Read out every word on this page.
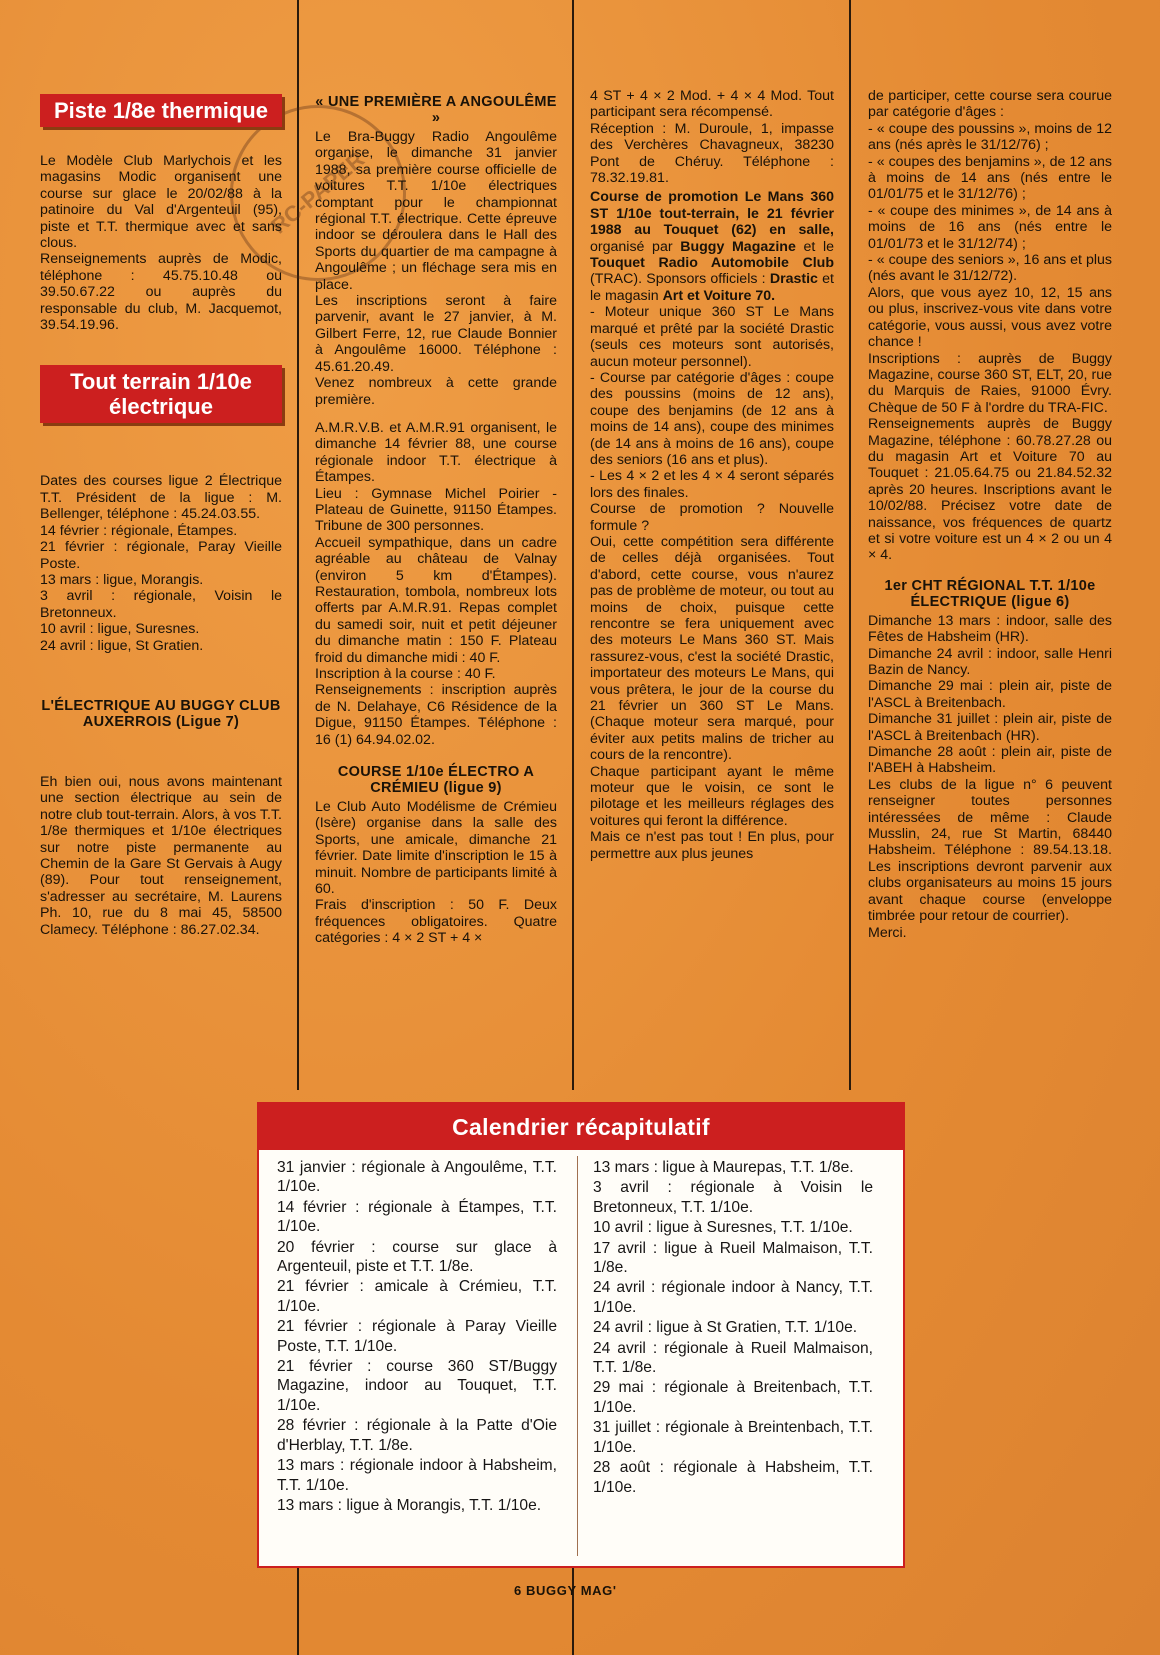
RC-PAPER
Piste 1/8e thermique

Le Modèle Club Marlychois et les magasins Modic organisent une course sur glace le 20/02/88 à la patinoire du Val d'Argenteuil (95), piste et T.T. thermique avec et sans clous.

Renseignements auprès de Modic, téléphone : 45.75.10.48 ou 39.50.67.22 ou auprès du responsable du club, M. Jacquemot, 39.54.19.96.

Tout terrain 1/10e électrique

Dates des courses ligue 2 Électrique T.T. Président de la ligue : M. Bellenger, téléphone : 45.24.03.55.

14 février : régionale, Étampes.

21 février : régionale, Paray Vieille Poste.

13 mars : ligue, Morangis.

3 avril : régionale, Voisin le Bretonneux.

10 avril : ligue, Suresnes.

24 avril : ligue, St Gratien.

L'ÉLECTRIQUE AU BUGGY CLUB AUXERROIS (Ligue 7)

Eh bien oui, nous avons maintenant une section électrique au sein de notre club tout-terrain. Alors, à vos T.T. 1/8e thermiques et 1/10e électriques sur notre piste permanente au Chemin de la Gare St Gervais à Augy (89). Pour tout renseignement, s'adresser au secrétaire, M. Laurens Ph. 10, rue du 8 mai 45, 58500 Clamecy. Téléphone : 86.27.02.34.

« UNE PREMIÈRE A ANGOULÊME »

Le Bra-Buggy Radio Angoulême organise, le dimanche 31 janvier 1988, sa première course officielle de voitures T.T. 1/10e électriques comptant pour le championnat régional T.T. électrique. Cette épreuve indoor se déroulera dans le Hall des Sports du quartier de ma campagne à Angoulême ; un fléchage sera mis en place.

Les inscriptions seront à faire parvenir, avant le 27 janvier, à M. Gilbert Ferre, 12, rue Claude Bonnier à Angoulême 16000. Téléphone : 45.61.20.49.

Venez nombreux à cette grande première.

A.M.R.V.B. et A.M.R.91 organisent, le dimanche 14 février 88, une course régionale indoor T.T. électrique à Étampes.

Lieu : Gymnase Michel Poirier - Plateau de Guinette, 91150 Étampes. Tribune de 300 personnes.

Accueil sympathique, dans un cadre agréable au château de Valnay (environ 5 km d'Étampes). Restauration, tombola, nombreux lots offerts par A.M.R.91. Repas complet du samedi soir, nuit et petit déjeuner du dimanche matin : 150 F. Plateau froid du dimanche midi : 40 F.

Inscription à la course : 40 F.

Renseignements : inscription auprès de N. Delahaye, C6 Résidence de la Digue, 91150 Étampes. Téléphone : 16 (1) 64.94.02.02.

COURSE 1/10e ÉLECTRO A CRÉMIEU (ligue 9)

Le Club Auto Modélisme de Crémieu (Isère) organise dans la salle des Sports, une amicale, dimanche 21 février. Date limite d'inscription le 15 à minuit. Nombre de participants limité à 60.

Frais d'inscription : 50 F. Deux fréquences obligatoires. Quatre catégories : 4 × 2 ST + 4 ×

4 ST + 4 × 2 Mod. + 4 × 4 Mod. Tout participant sera récompensé.

Réception : M. Duroule, 1, impasse des Verchères Chavagneux, 38230 Pont de Chéruy. Téléphone : 78.32.19.81.

Course de promotion Le Mans 360 ST 1/10e tout-terrain, le 21 février 1988 au Touquet (62) en salle, organisé par Buggy Magazine et le Touquet Radio Automobile Club (TRAC). Sponsors officiels : Drastic et le magasin Art et Voiture 70.

- Moteur unique 360 ST Le Mans marqué et prêté par la société Drastic (seuls ces moteurs sont autorisés, aucun moteur personnel).

- Course par catégorie d'âges : coupe des poussins (moins de 12 ans), coupe des benjamins (de 12 ans à moins de 14 ans), coupe des minimes (de 14 ans à moins de 16 ans), coupe des seniors (16 ans et plus).

- Les 4 × 2 et les 4 × 4 seront séparés lors des finales.

Course de promotion ? Nouvelle formule ?

Oui, cette compétition sera différente de celles déjà organisées. Tout d'abord, cette course, vous n'aurez pas de problème de moteur, ou tout au moins de choix, puisque cette rencontre se fera uniquement avec des moteurs Le Mans 360 ST. Mais rassurez-vous, c'est la société Drastic, importateur des moteurs Le Mans, qui vous prêtera, le jour de la course du 21 février un 360 ST Le Mans. (Chaque moteur sera marqué, pour éviter aux petits malins de tricher au cours de la rencontre).

Chaque participant ayant le même moteur que le voisin, ce sont le pilotage et les meilleurs réglages des voitures qui feront la différence.

Mais ce n'est pas tout ! En plus, pour permettre aux plus jeunes

de participer, cette course sera courue par catégorie d'âges :

- « coupe des poussins », moins de 12 ans (nés après le 31/12/76) ;

- « coupes des benjamins », de 12 ans à moins de 14 ans (nés entre le 01/01/75 et le 31/12/76) ;

- « coupe des minimes », de 14 ans à moins de 16 ans (nés entre le 01/01/73 et le 31/12/74) ;

- « coupe des seniors », 16 ans et plus (nés avant le 31/12/72).

Alors, que vous ayez 10, 12, 15 ans ou plus, inscrivez-vous vite dans votre catégorie, vous aussi, vous avez votre chance !

Inscriptions : auprès de Buggy Magazine, course 360 ST, ELT, 20, rue du Marquis de Raies, 91000 Évry. Chèque de 50 F à l'ordre du TRA-FIC.

Renseignements auprès de Buggy Magazine, téléphone : 60.78.27.28 ou du magasin Art et Voiture 70 au Touquet : 21.05.64.75 ou 21.84.52.32 après 20 heures. Inscriptions avant le 10/02/88. Précisez votre date de naissance, vos fréquences de quartz et si votre voiture est un 4 × 2 ou un 4 × 4.

1er CHT RÉGIONAL T.T. 1/10e ÉLECTRIQUE (ligue 6)

Dimanche 13 mars : indoor, salle des Fêtes de Habsheim (HR).

Dimanche 24 avril : indoor, salle Henri Bazin de Nancy.

Dimanche 29 mai : plein air, piste de l'ASCL à Breitenbach.

Dimanche 31 juillet : plein air, piste de l'ASCL à Breitenbach (HR).

Dimanche 28 août : plein air, piste de l'ABEH à Habsheim.

Les clubs de la ligue n° 6 peuvent renseigner toutes personnes intéressées de même : Claude Musslin, 24, rue St Martin, 68440 Habsheim. Téléphone : 89.54.13.18. Les inscriptions devront parvenir aux clubs organisateurs au moins 15 jours avant chaque course (enveloppe timbrée pour retour de courrier).

Merci.

Calendrier récapitulatif

31 janvier : régionale à Angoulême, T.T. 1/10e.

14 février : régionale à Étampes, T.T. 1/10e.

20 février : course sur glace à Argenteuil, piste et T.T. 1/8e.

21 février : amicale à Crémieu, T.T. 1/10e.

21 février : régionale à Paray Vieille Poste, T.T. 1/10e.

21 février : course 360 ST/Buggy Magazine, indoor au Touquet, T.T. 1/10e.

28 février : régionale à la Patte d'Oie d'Herblay, T.T. 1/8e.

13 mars : régionale indoor à Habsheim, T.T. 1/10e.

13 mars : ligue à Morangis, T.T. 1/10e.

13 mars : ligue à Maurepas, T.T. 1/8e.

3 avril : régionale à Voisin le Bretonneux, T.T. 1/10e.

10 avril : ligue à Suresnes, T.T. 1/10e.

17 avril : ligue à Rueil Malmaison, T.T. 1/8e.

24 avril : régionale indoor à Nancy, T.T. 1/10e.

24 avril : ligue à St Gratien, T.T. 1/10e.

24 avril : régionale à Rueil Malmaison, T.T. 1/8e.

29 mai : régionale à Breitenbach, T.T. 1/10e.

31 juillet : régionale à Breintenbach, T.T. 1/10e.

28 août : régionale à Habsheim, T.T. 1/10e.

6 BUGGY MAG'
